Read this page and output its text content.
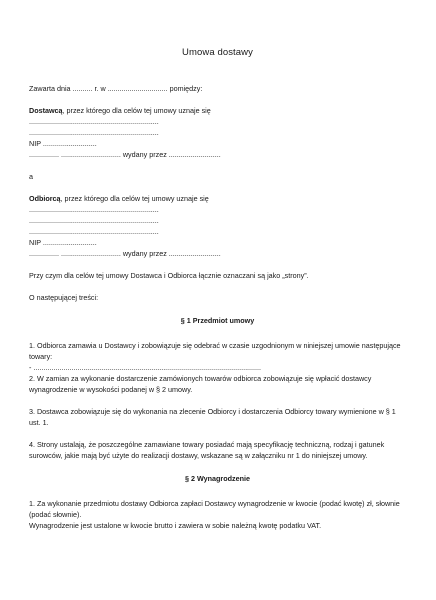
Umowa dostawy

Zawarta dnia .......... r. w .............................. pomiędzy:

Dostawcą, przez którego dla celów tej umowy uznaje się

.................................................................

.................................................................

NIP ...........................

............... .............................. wydany przez ..........................

a

Odbiorcą, przez którego dla celów tej umowy uznaje się

.................................................................

.................................................................

.................................................................

NIP ...........................

............... .............................. wydany przez ..........................

Przy czym dla celów tej umowy Dostawca i Odbiorca łącznie oznaczani są jako „strony”.

O następującej treści:

§ 1 Przedmiot umowy

1. Odbiorca zamawia u Dostawcy i zobowiązuje się odebrać w czasie uzgodnionym w niniejszej umowie następujące towary:

- ..................................................................................................................

2. W zamian za wykonanie dostarczenie zamówionych towarów odbiorca zobowiązuje się wpłacić dostawcy wynagrodzenie w wysokości podanej w § 2 umowy.

3. Dostawca zobowiązuje się do wykonania na zlecenie Odbiorcy i dostarczenia Odbiorcy towary wymienione w § 1 ust. 1.

4. Strony ustalają, że poszczególne zamawiane towary posiadać mają specyfikację techniczną, rodzaj i gatunek surowców, jakie mają być użyte do realizacji dostawy, wskazane są w załączniku nr 1 do niniejszej umowy.

§ 2 Wynagrodzenie

1. Za wykonanie przedmiotu dostawy Odbiorca zapłaci Dostawcy wynagrodzenie w kwocie (podać kwotę) zł, słownie (podać słownie).

Wynagrodzenie jest ustalone w kwocie brutto i zawiera w sobie należną kwotę podatku VAT.
